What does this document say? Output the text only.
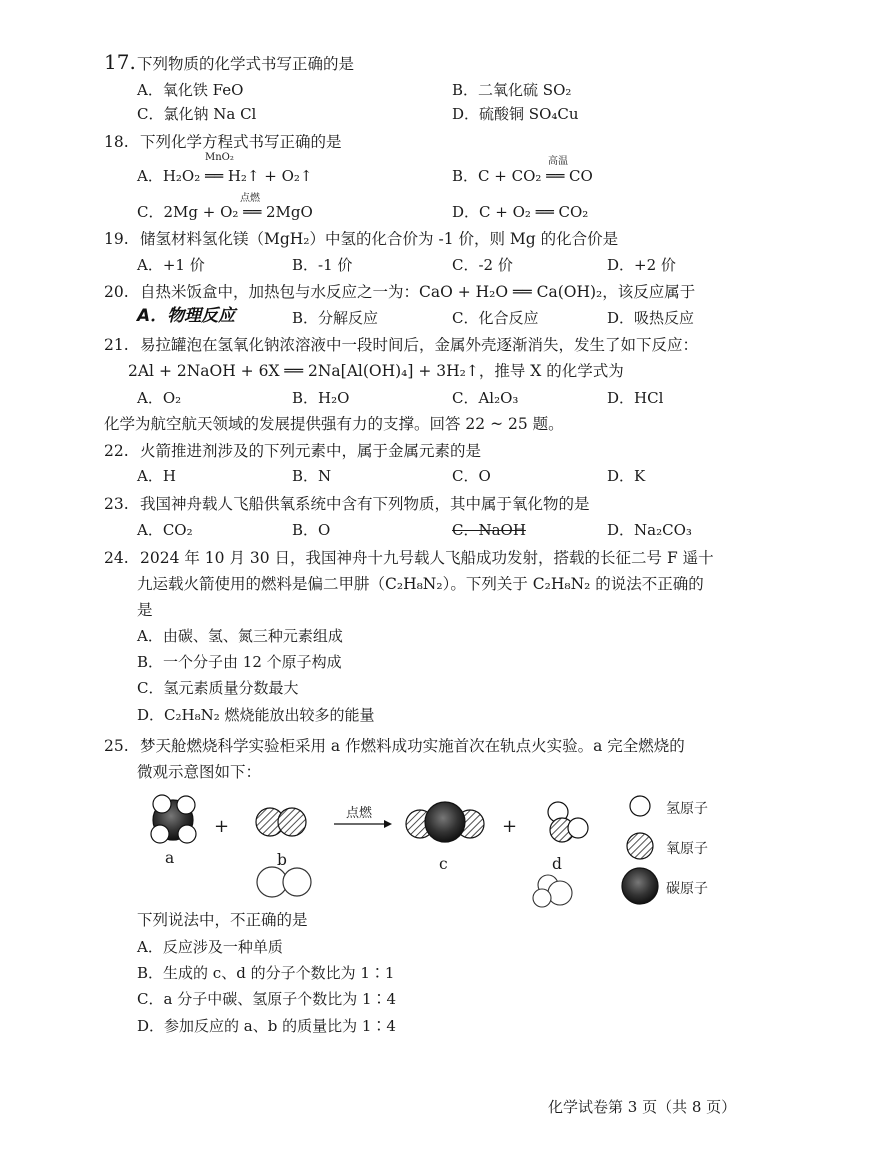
17. 下列物质的化学式书写正确的是
A．氧化铁 FeO	B．二氧化硫 SO₂
C．氯化钠 Na Cl	D．硫酸铜 SO₄Cu
18. 下列化学方程式书写正确的是
MnO₂
A．H₂O₂ ══ H₂↑ + O₂↑
高温
B．C + CO₂ ══ CO
点燃
C．2Mg + O₂ ══ 2MgO	D．C + O₂ ══ CO₂
19. 储氢材料氢化镁（MgH₂）中氢的化合价为 -1 价，则 Mg 的化合价是
A．+1 价	B．-1 价	C．-2 价	D．+2 价
20. 自热米饭盒中，加热包与水反应之一为：CaO + H₂O ══ Ca(OH)₂，该反应属于
A．物理反应	B．分解反应	C．化合反应	D．吸热反应
21. 易拉罐泡在氢氧化钠浓溶液中一段时间后，金属外壳逐渐消失，发生了如下反应：
2Al + 2NaOH + 6X ══ 2Na[Al(OH)₄] + 3H₂↑，推导 X 的化学式为
A．O₂	B．H₂O	C．Al₂O₃	D．HCl
化学为航空航天领域的发展提供强有力的支撑。回答 22 ~ 25 题。
22. 火箭推进剂涉及的下列元素中，属于金属元素的是
A．H	B．N	C．O	D．K
23. 我国神舟载人飞船供氧系统中含有下列物质，其中属于氧化物的是
A．CO₂	B．O	C．NaOH	D．Na₂CO₃
24. 2024 年 10 月 30 日，我国神舟十九号载人飞船成功发射，搭载的长征二号 F 遥十
九运载火箭使用的燃料是偏二甲肼（C₂H₈N₂）。下列关于 C₂H₈N₂ 的说法不正确的
是
A．由碳、氢、氮三种元素组成
B．一个分子由 12 个原子构成
C．氢元素质量分数最大
D．C₂H₈N₂ 燃烧能放出较多的能量
25. 梦天舱燃烧科学实验柜采用 a 作燃料成功实施首次在轨点火实验。a 完全燃烧的
微观示意图如下：
+	+
点燃
a	b	c	d
氢原子
氧原子
碳原子
下列说法中，不正确的是
A．反应涉及一种单质
B．生成的 c、d 的分子个数比为 1∶1
C．a 分子中碳、氢原子个数比为 1∶4
D．参加反应的 a、b 的质量比为 1∶4
化学试卷第 3 页（共 8 页）
